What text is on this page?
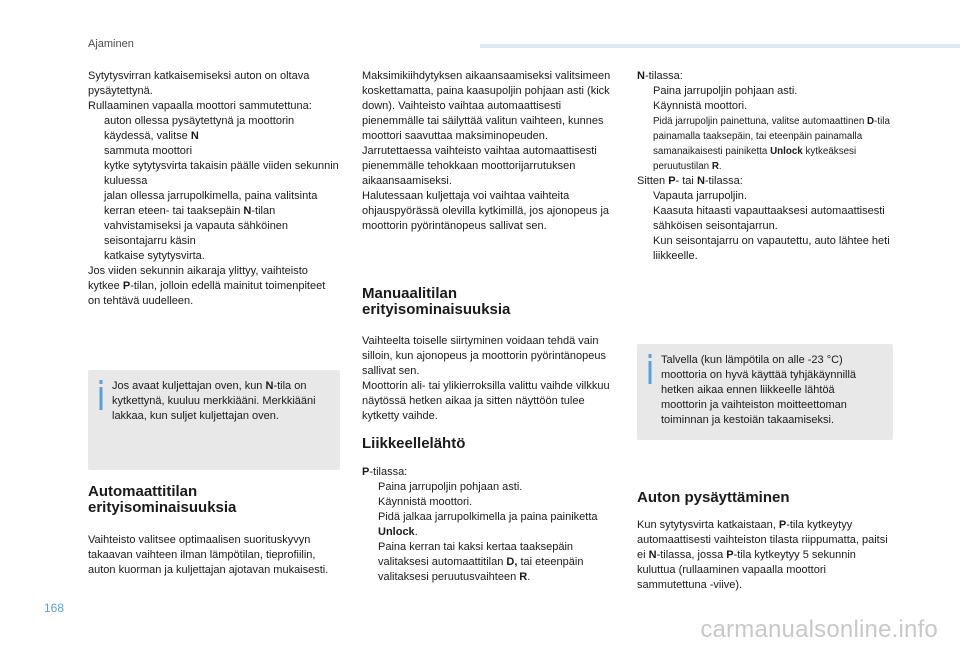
Ajaminen

Sytytysvirran katkaisemiseksi auton on oltava pysäytettynä.

Rullaaminen vapaalla moottori sammutettuna:

auton ollessa pysäytettynä ja moottorin käydessä, valitse N
sammuta moottori
kytke sytytysvirta takaisin päälle viiden sekunnin kuluessa
jalan ollessa jarrupolkimella, paina valitsinta kerran eteen- tai taaksepäin N-tilan vahvistamiseksi ja vapauta sähköinen seisontajarru käsin
katkaise sytytysvirta.

Jos viiden sekunnin aikaraja ylittyy, vaihteisto kytkee P-tilan, jolloin edellä mainitut toimenpiteet on tehtävä uudelleen.

Jos avaat kuljettajan oven, kun N-tila on kytkettynä, kuuluu merkkiääni. Merkkiääni lakkaa, kun suljet kuljettajan oven.

Automaattitilan
erityisominaisuuksia

Vaihteisto valitsee optimaalisen suorituskyvyn takaavan vaihteen ilman lämpötilan, tieprofiilin, auton kuorman ja kuljettajan ajotavan mukaisesti.

Maksimikiihdytyksen aikaansaamiseksi valitsimeen koskettamatta, paina kaasupoljin pohjaan asti (kick down). Vaihteisto vaihtaa automaattisesti pienemmälle tai säilyttää valitun vaihteen, kunnes moottori saavuttaa maksiminopeuden.

Jarrutettaessa vaihteisto vaihtaa automaattisesti pienemmälle tehokkaan moottorijarrutuksen aikaansaamiseksi.

Halutessaan kuljettaja voi vaihtaa vaihteita ohjauspyörässä olevilla kytkimillä, jos ajonopeus ja moottorin pyörintänopeus sallivat sen.

Manuaalitilan
erityisominaisuuksia

Vaihteelta toiselle siirtyminen voidaan tehdä vain silloin, kun ajonopeus ja moottorin pyörintänopeus sallivat sen.

Moottorin ali- tai ylikierroksilla valittu vaihde vilkkuu näytössä hetken aikaa ja sitten näyttöön tulee kytketty vaihde.

Liikkeellelähtö

P-tilassa:

Paina jarrupoljin pohjaan asti.
Käynnistä moottori.
Pidä jalkaa jarrupolkimella ja paina painiketta Unlock.
Paina kerran tai kaksi kertaa taaksepäin valitaksesi automaattitilan D, tai eteenpäin valitaksesi peruutusvaihteen R.

N-tilassa:

Paina jarrupoljin pohjaan asti.
Käynnistä moottori.
Pidä jarrupoljin painettuna, valitse automaattinen D-tila painamalla taaksepäin, tai eteenpäin painamalla samanaikaisesti painiketta Unlock kytkeäksesi peruutustilan R.

Sitten P- tai N-tilassa:

Vapauta jarrupoljin.
Kaasuta hitaasti vapauttaaksesi automaattisesti sähköisen seisontajarrun.
Kun seisontajarru on vapautettu, auto lähtee heti liikkeelle.

Talvella (kun lämpötila on alle -23 °C) moottoria on hyvä käyttää tyhjäkäynnillä hetken aikaa ennen liikkeelle lähtöä moottorin ja vaihteiston moitteettoman toiminnan ja kestoiän takaamiseksi.

Auton pysäyttäminen

Kun sytytysvirta katkaistaan, P-tila kytkeytyy automaattisesti vaihteiston tilasta riippumatta, paitsi ei N-tilassa, jossa P-tila kytkeytyy 5 sekunnin kuluttua (rullaaminen vapaalla moottori sammutettuna -viive).

168
carmanualsonline.info
